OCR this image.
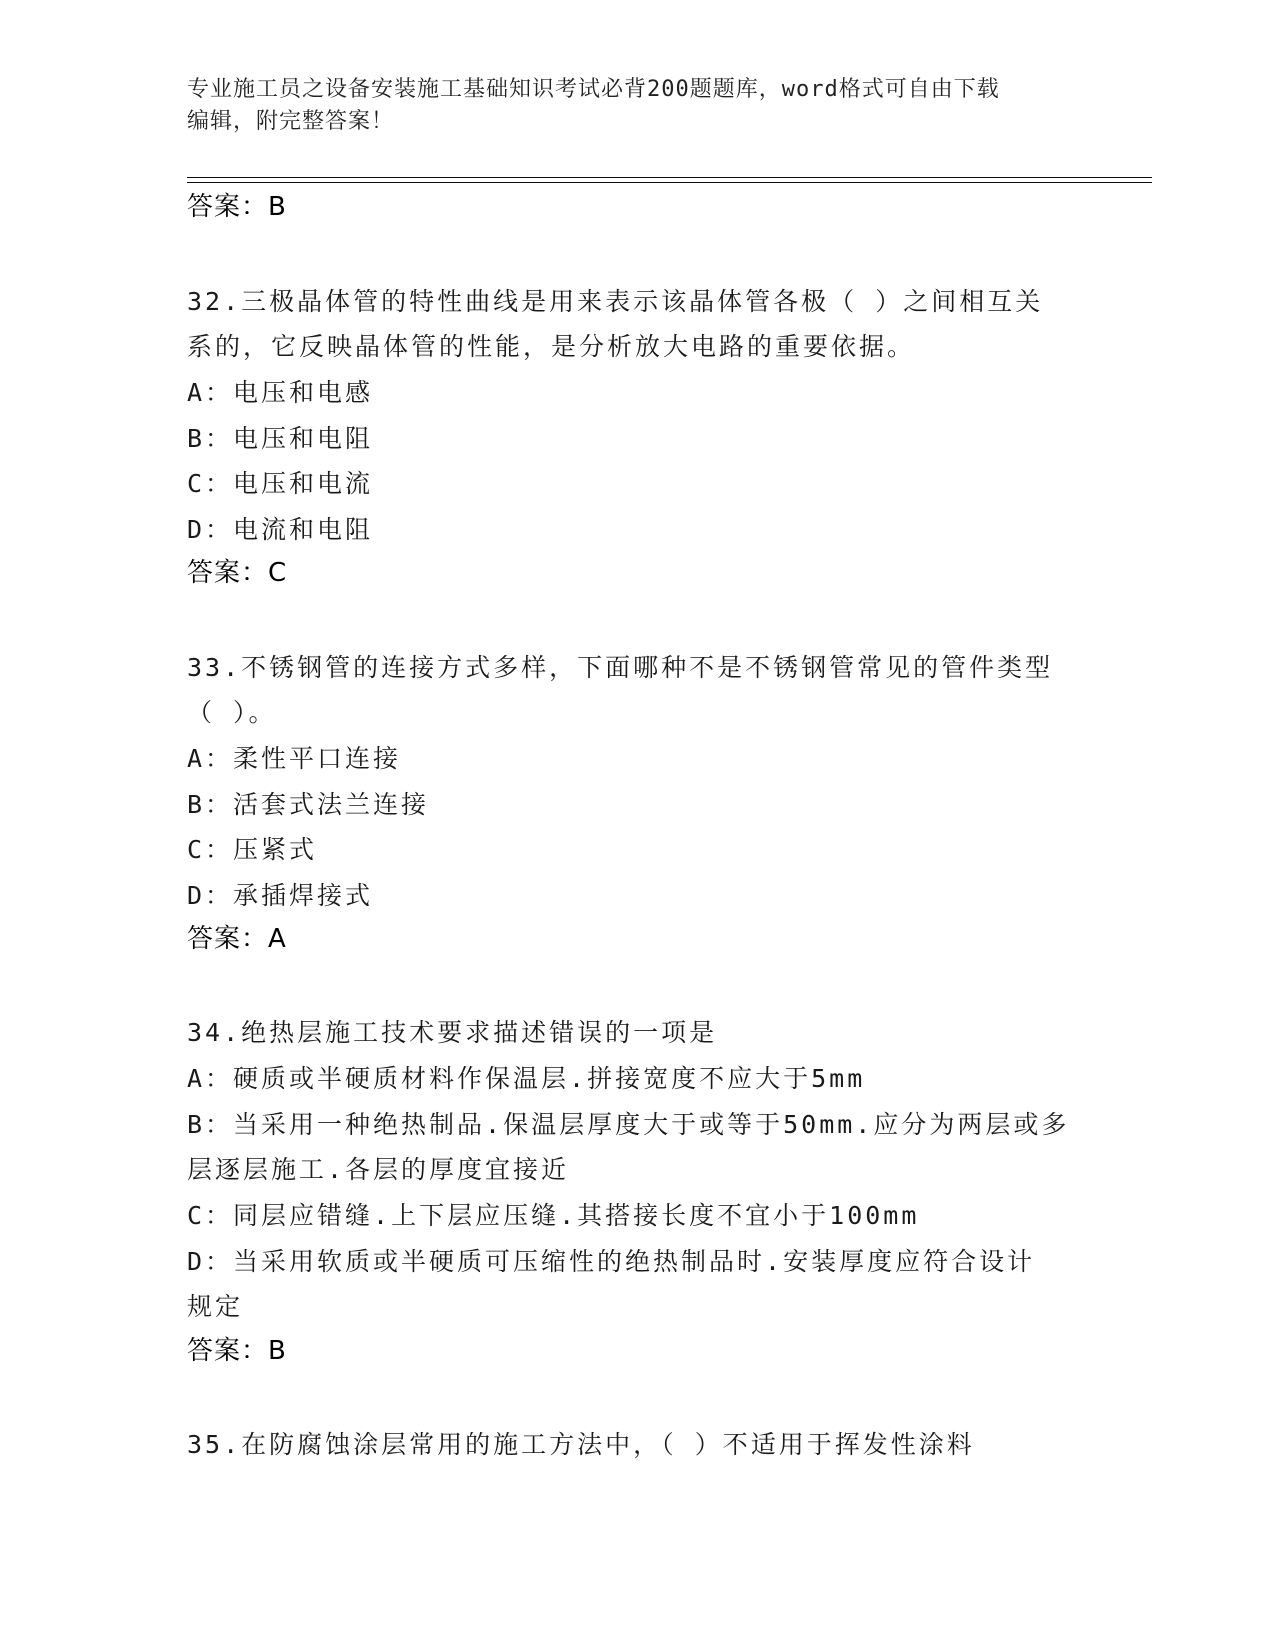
专业施工员之设备安装施工基础知识考试必背200题题库，word格式可自由下载
编辑，附完整答案！
答案：B
32.三极晶体管的特性曲线是用来表示该晶体管各极（ ）之间相互关
系的，它反映晶体管的性能，是分析放大电路的重要依据。
A：电压和电感
B：电压和电阻
C：电压和电流
D：电流和电阻
答案：C
33.不锈钢管的连接方式多样，下面哪种不是不锈钢管常见的管件类型
（ ）。
A：柔性平口连接
B：活套式法兰连接
C：压紧式
D：承插焊接式
答案：A
34.绝热层施工技术要求描述错误的一项是
A：硬质或半硬质材料作保温层.拼接宽度不应大于5mm
B：当采用一种绝热制品.保温层厚度大于或等于50mm.应分为两层或多
层逐层施工.各层的厚度宜接近
C：同层应错缝.上下层应压缝.其搭接长度不宜小于100mm
D：当采用软质或半硬质可压缩性的绝热制品时.安装厚度应符合设计
规定
答案：B
35.在防腐蚀涂层常用的施工方法中，（ ）不适用于挥发性涂料
